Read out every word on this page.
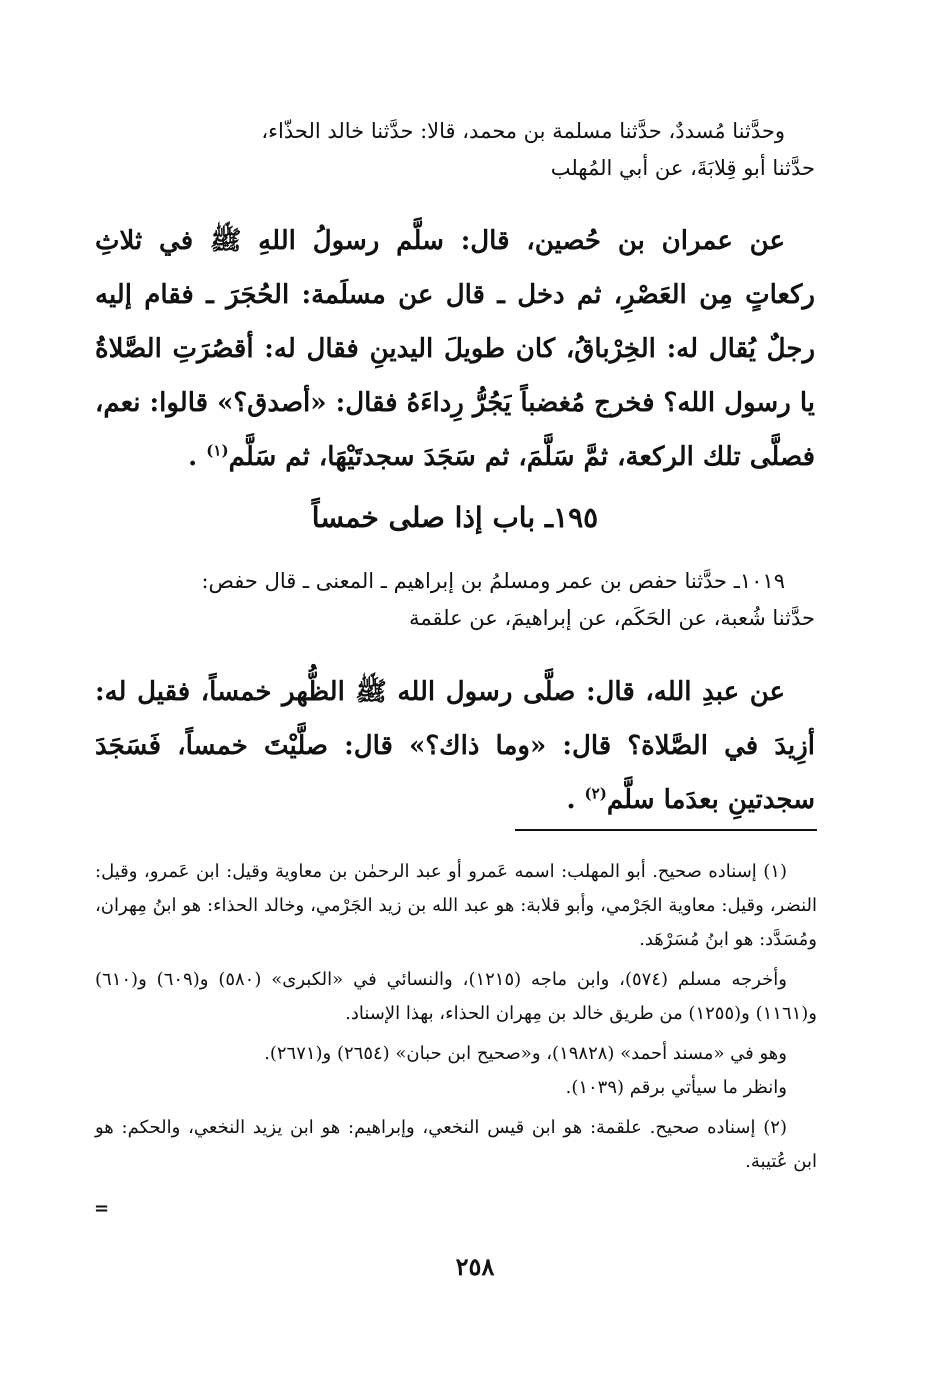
وحدَّثنا مُسددٌ، حدَّثنا مسلمة بن محمد، قالا: حدَّثنا خالد الحذّاء،

حدَّثنا أبو قِلابَةَ، عن أبي المُهلب

عن عمران بن حُصين، قال: سلَّم رسولُ اللهِ ﷺ في ثلاثِ ركعاتٍ مِن العَصْرِ، ثم دخل ـ قال عن مسلَمة: الحُجَرَ ـ فقام إليه رجلٌ يُقال له: الخِرْباقُ، كان طويلَ اليدينِ فقال له: أقصُرَتِ الصَّلاةُ يا رسول الله؟ فخرج مُغضباً يَجُرُّ رِداءَهُ فقال: «أصدق؟» قالوا: نعم، فصلَّى تلك الركعة، ثمَّ سَلَّمَ، ثم سَجَدَ سجدتَيْهَا، ثم سَلَّم$^{(١)}$ .

١٩٥ـ باب إذا صلى خمساً

١٠١٩ـ حدَّثنا حفص بن عمر ومسلمُ بن إبراهيم ـ المعنى ـ قال حفص:

حدَّثنا شُعبة، عن الحَكَم، عن إبراهيمَ، عن علقمة

عن عبدِ الله، قال: صلَّى رسول الله ﷺ الظُّهر خمساً، فقيل له: أزِيدَ في الصَّلاة؟ قال: «وما ذاك؟» قال: صلَّيْتَ خمساً، فَسَجَدَ سجدتينِ بعدَما سلَّم$^{(٢)}$ .

(١) إسناده صحيح. أبو المهلب: اسمه عَمرو أو عبد الرحمٰن بن معاوية وقيل: ابن عَمرو، وقيل: النضر، وقيل: معاوية الجَرْمي، وأبو قلابة: هو عبد الله بن زيد الجَرْمي، وخالد الحذاء: هو ابنُ مِهران، ومُسَدَّد: هو ابنُ مُسَرْهَد.

وأخرجه مسلم (٥٧٤)، وابن ماجه (١٢١٥)، والنسائي في «الكبرى» (٥٨٠) و(٦٠٩) و(٦١٠) و(١١٦١) و(١٢٥٥) من طريق خالد بن مِهران الحذاء، بهذا الإسناد.

وهو في «مسند أحمد» (١٩٨٢٨)، و«صحيح ابن حبان» (٢٦٥٤) و(٢٦٧١).

وانظر ما سيأتي برقم (١٠٣٩).

(٢) إسناده صحيح. علقمة: هو ابن قيس النخعي، وإبراهيم: هو ابن يزيد النخعي، والحكم: هو ابن عُتيبة.

=
٢٥٨
